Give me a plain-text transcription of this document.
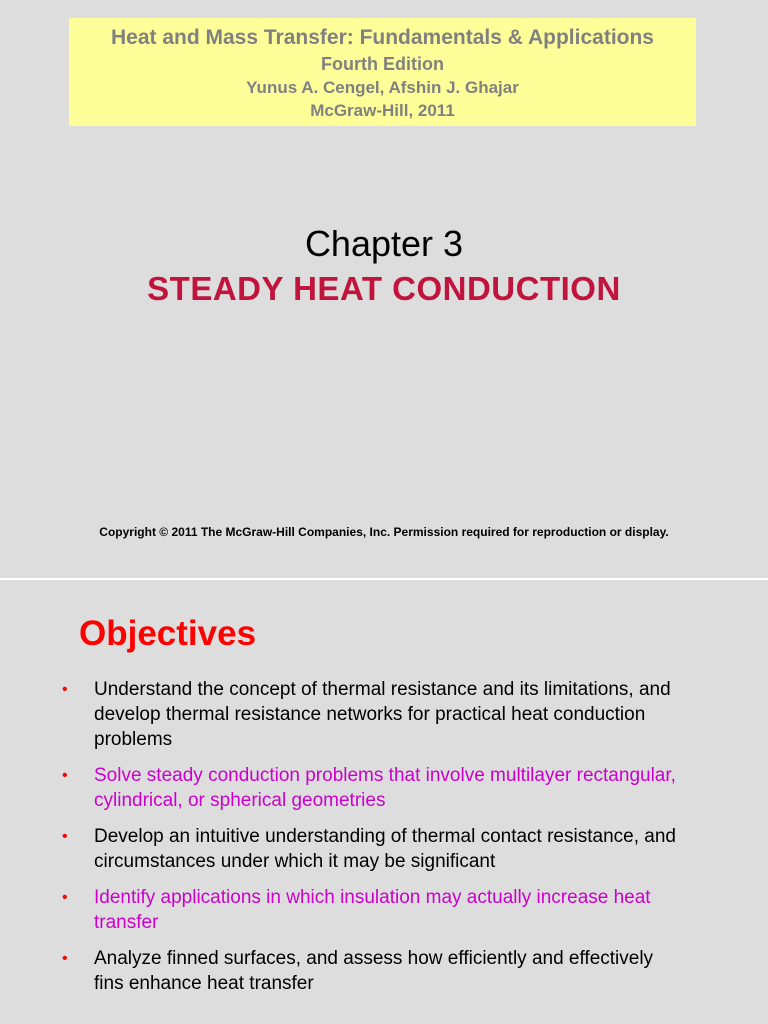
Heat and Mass Transfer: Fundamentals & Applications
Fourth Edition
Yunus A. Cengel, Afshin J. Ghajar
McGraw-Hill, 2011
Chapter 3
STEADY HEAT CONDUCTION
Copyright © 2011 The McGraw-Hill Companies, Inc. Permission required for reproduction or display.
Objectives
• Understand the concept of thermal resistance and its limitations, and develop thermal resistance networks for practical heat conduction problems
• Solve steady conduction problems that involve multilayer rectangular, cylindrical, or spherical geometries
• Develop an intuitive understanding of thermal contact resistance, and circumstances under which it may be significant
• Identify applications in which insulation may actually increase heat transfer
• Analyze finned surfaces, and assess how efficiently and effectively fins enhance heat transfer
